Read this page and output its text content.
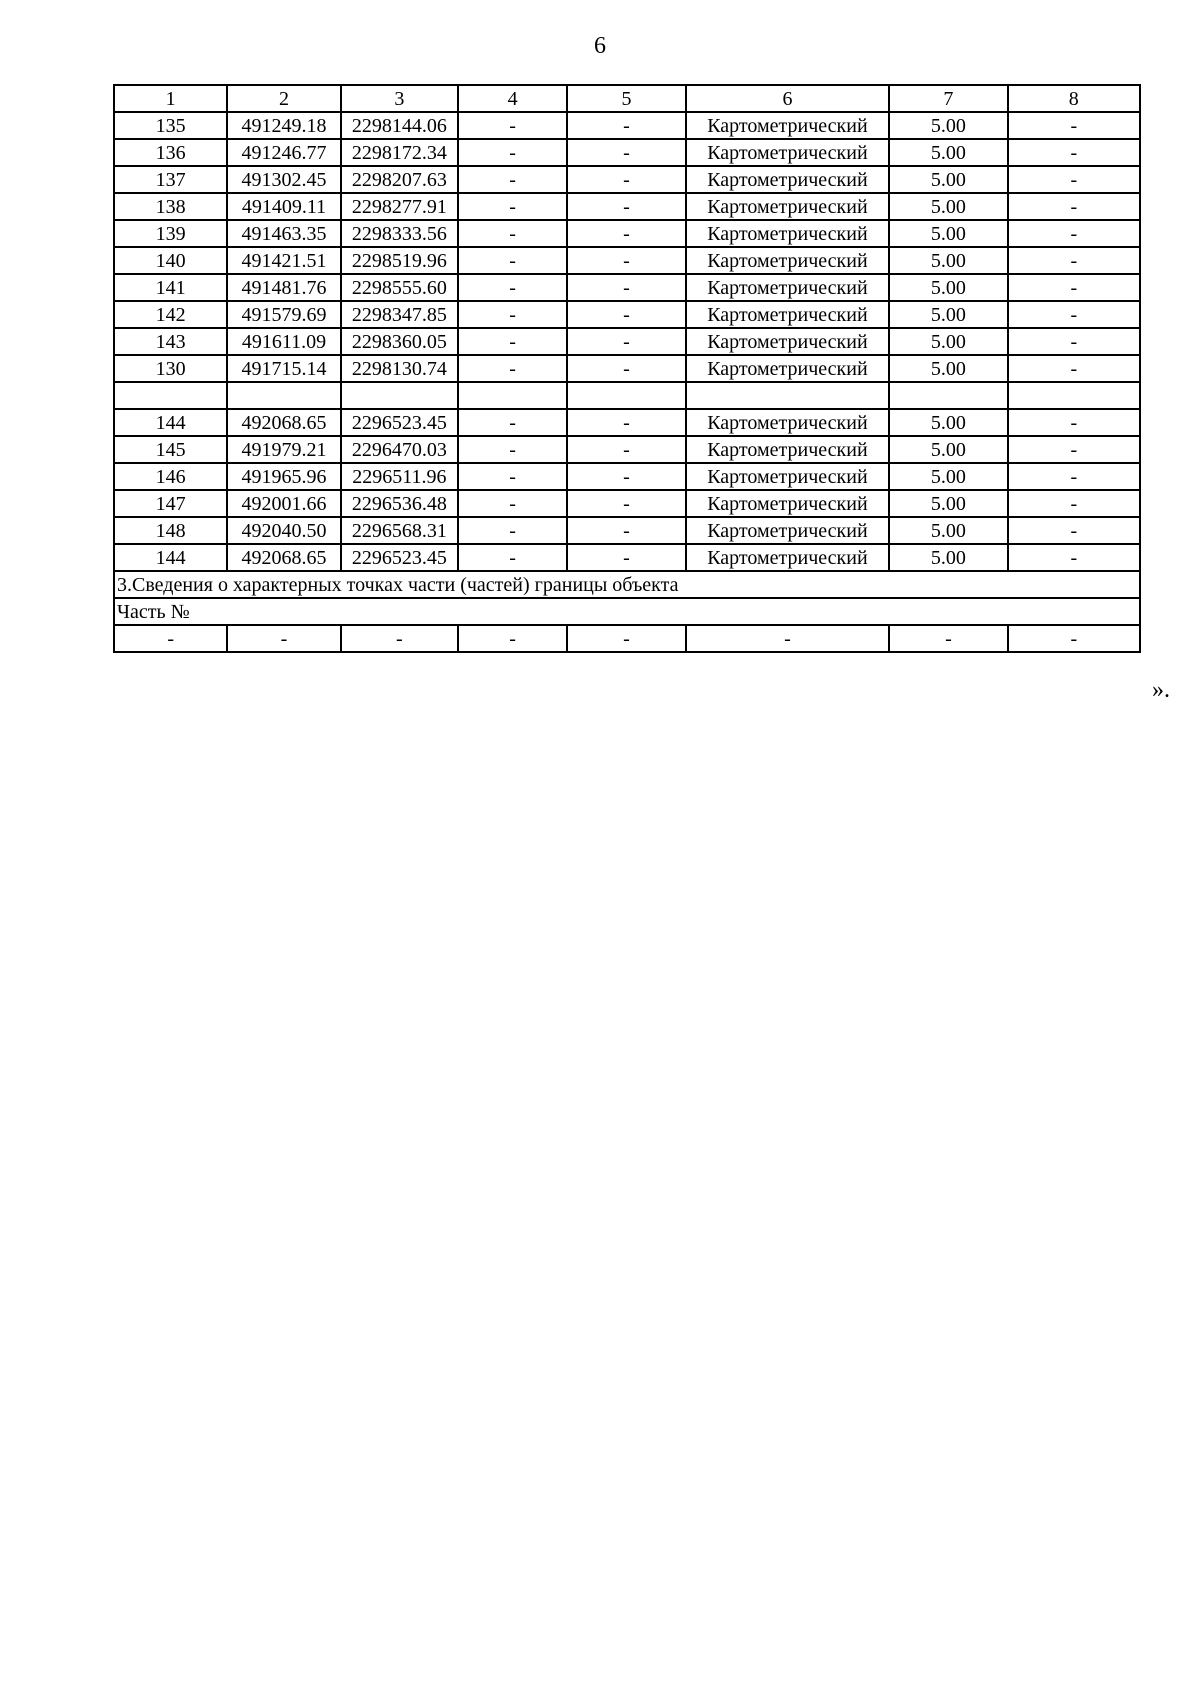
6
1	2	3	4	5	6	7	8
135	491249.18	2298144.06	-	-	Картометрический	5.00	-
136	491246.77	2298172.34	-	-	Картометрический	5.00	-
137	491302.45	2298207.63	-	-	Картометрический	5.00	-
138	491409.11	2298277.91	-	-	Картометрический	5.00	-
139	491463.35	2298333.56	-	-	Картометрический	5.00	-
140	491421.51	2298519.96	-	-	Картометрический	5.00	-
141	491481.76	2298555.60	-	-	Картометрический	5.00	-
142	491579.69	2298347.85	-	-	Картометрический	5.00	-
143	491611.09	2298360.05	-	-	Картометрический	5.00	-
130	491715.14	2298130.74	-	-	Картометрический	5.00	-

144	492068.65	2296523.45	-	-	Картометрический	5.00	-
145	491979.21	2296470.03	-	-	Картометрический	5.00	-
146	491965.96	2296511.96	-	-	Картометрический	5.00	-
147	492001.66	2296536.48	-	-	Картометрический	5.00	-
148	492040.50	2296568.31	-	-	Картометрический	5.00	-
144	492068.65	2296523.45	-	-	Картометрический	5.00	-
3.Сведения о характерных точках части (частей) границы объекта							
Часть №							
-	-	-	-	-	-	-	-
».
